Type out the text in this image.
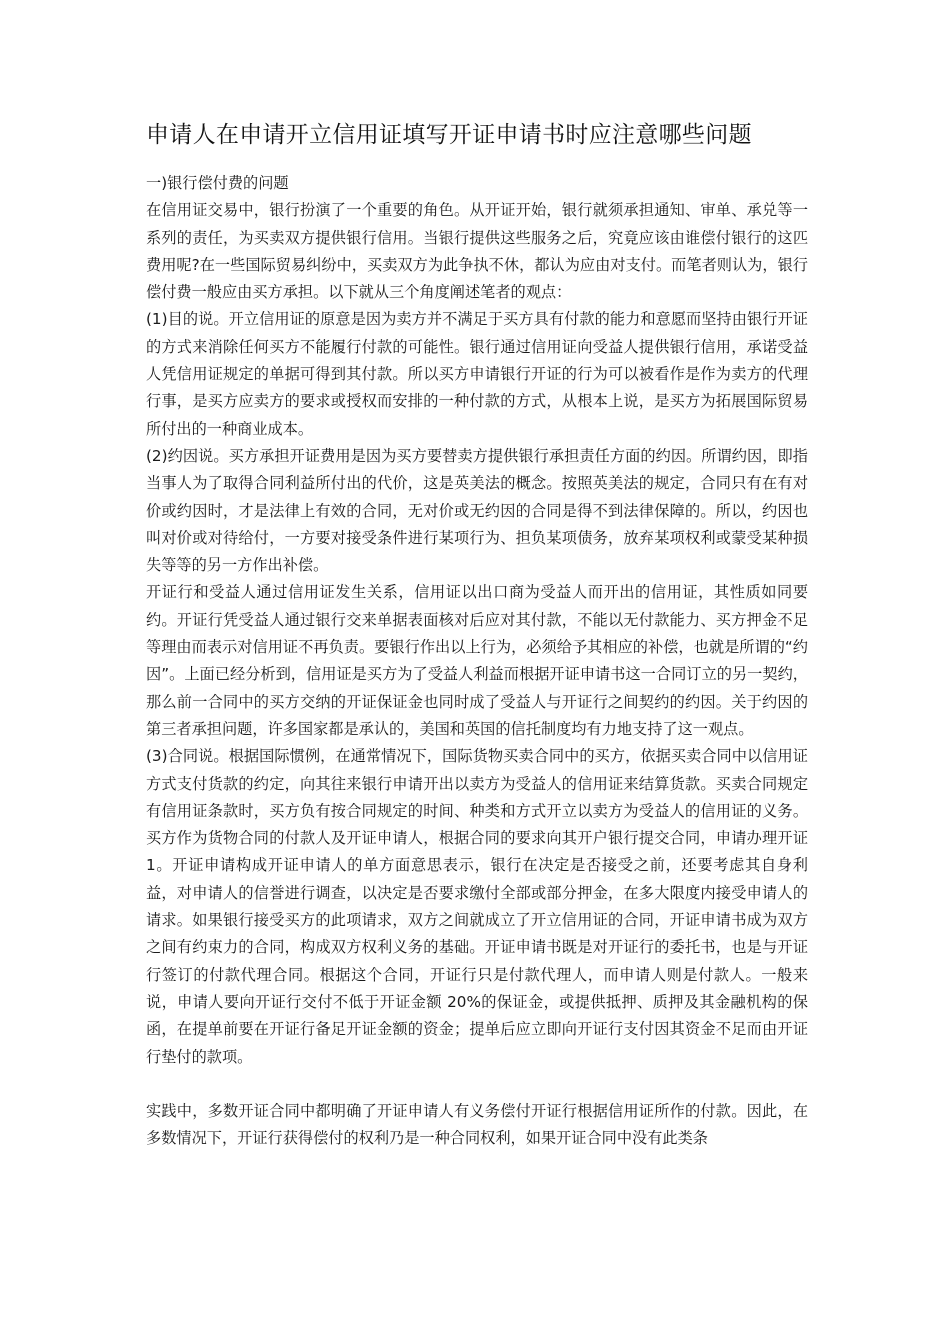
申请人在申请开立信用证填写开证申请书时应注意哪些问题

一)银行偿付费的问题

在信用证交易中，银行扮演了一个重要的角色。从开证开始，银行就须承担通知、审单、承兑等一系列的责任，为买卖双方提供银行信用。当银行提供这些服务之后，究竟应该由谁偿付银行的这匹费用呢?在一些国际贸易纠纷中，买卖双方为此争执不休，都认为应由对支付。而笔者则认为，银行偿付费一般应由买方承担。以下就从三个角度阐述笔者的观点：

(1)目的说。开立信用证的原意是因为卖方并不满足于买方具有付款的能力和意愿而坚持由银行开证的方式来消除任何买方不能履行付款的可能性。银行通过信用证向受益人提供银行信用，承诺受益人凭信用证规定的单据可得到其付款。所以买方申请银行开证的行为可以被看作是作为卖方的代理行事，是买方应卖方的要求或授权而安排的一种付款的方式，从根本上说，是买方为拓展国际贸易所付出的一种商业成本。

(2)约因说。买方承担开证费用是因为买方要替卖方提供银行承担责任方面的约因。所谓约因，即指当事人为了取得合同利益所付出的代价，这是英美法的概念。按照英美法的规定，合同只有在有对价或约因时，才是法律上有效的合同，无对价或无约因的合同是得不到法律保障的。所以，约因也叫对价或对待给付，一方要对接受条件进行某项行为、担负某项债务，放弃某项权利或蒙受某种损失等等的另一方作出补偿。

开证行和受益人通过信用证发生关系，信用证以出口商为受益人而开出的信用证，其性质如同要约。开证行凭受益人通过银行交来单据表面核对后应对其付款，不能以无付款能力、买方押金不足等理由而表示对信用证不再负责。要银行作出以上行为，必须给予其相应的补偿，也就是所谓的“约因”。上面已经分析到，信用证是买方为了受益人利益而根据开证申请书这一合同订立的另一契约，那么前一合同中的买方交纳的开证保证金也同时成了受益人与开证行之间契约的约因。关于约因的第三者承担问题，许多国家都是承认的，美国和英国的信托制度均有力地支持了这一观点。

(3)合同说。根据国际惯例，在通常情况下，国际货物买卖合同中的买方，依据买卖合同中以信用证方式支付货款的约定，向其往来银行申请开出以卖方为受益人的信用证来结算货款。买卖合同规定有信用证条款时，买方负有按合同规定的时间、种类和方式开立以卖方为受益人的信用证的义务。买方作为货物合同的付款人及开证申请人，根据合同的要求向其开户银行提交合同，申请办理开证 1。开证申请构成开证申请人的单方面意思表示，银行在决定是否接受之前，还要考虑其自身利益，对申请人的信誉进行调查，以决定是否要求缴付全部或部分押金，在多大限度内接受申请人的请求。如果银行接受买方的此项请求，双方之间就成立了开立信用证的合同，开证申请书成为双方之间有约束力的合同，构成双方权利义务的基础。开证申请书既是对开证行的委托书，也是与开证行签订的付款代理合同。根据这个合同，开证行只是付款代理人，而申请人则是付款人。一般来说，申请人要向开证行交付不低于开证金额 20%的保证金，或提供抵押、质押及其金融机构的保函，在提单前要在开证行备足开证金额的资金；提单后应立即向开证行支付因其资金不足而由开证行垫付的款项。

实践中，多数开证合同中都明确了开证申请人有义务偿付开证行根据信用证所作的付款。因此，在多数情况下，开证行获得偿付的权利乃是一种合同权利，如果开证合同中没有此类条
